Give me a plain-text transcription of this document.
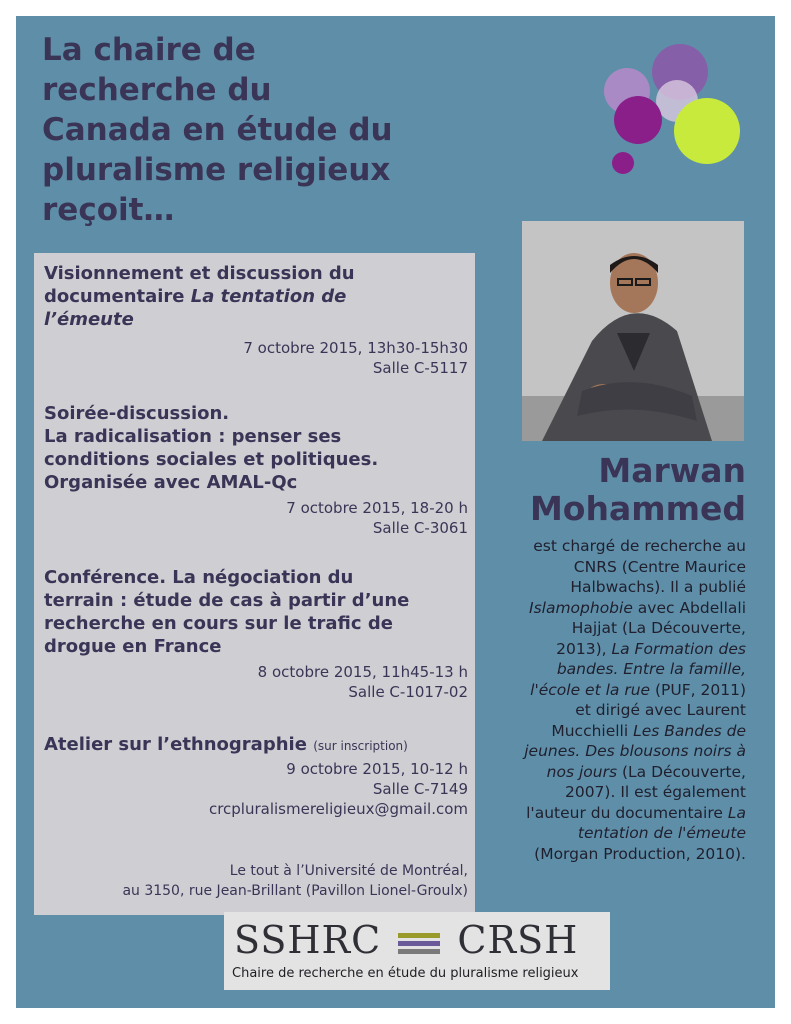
La chaire de
recherche du
Canada en étude du
pluralisme religieux
reçoit…
Visionnement et discussion du
documentaire La tentation de
l’émeute
7 octobre 2015, 13h30-15h30
Salle C-5117
Soirée-discussion.
La radicalisation : penser ses
conditions sociales et politiques.
Organisée avec AMAL-Qc
7 octobre 2015, 18-20 h
Salle C-3061
Conférence. La négociation du
terrain : étude de cas à partir d’une
recherche en cours sur le trafic de
drogue en France
8 octobre 2015, 11h45-13 h
Salle C-1017-02
Atelier sur l’ethnographie (sur inscription)
9 octobre 2015, 10-12 h
Salle C-7149
crcpluralismereligieux@gmail.com
Le tout à l’Université de Montréal,
au 3150, rue Jean-Brillant (Pavillon Lionel-Groulx)
Marwan
Mohammed
est chargé de recherche au
CNRS (Centre Maurice
Halbwachs). Il a publié
Islamophobie avec Abdellali
Hajjat (La Découverte,
2013), La Formation des
bandes. Entre la famille,
l'école et la rue (PUF, 2011)
et dirigé avec Laurent
Mucchielli Les Bandes de
jeunes. Des blousons noirs à
nos jours (La Découverte,
2007). Il est également
l'auteur du documentaire La
tentation de l'émeute
(Morgan Production, 2010).
SSHRC CRSH
Chaire de recherche en étude du pluralisme religieux
